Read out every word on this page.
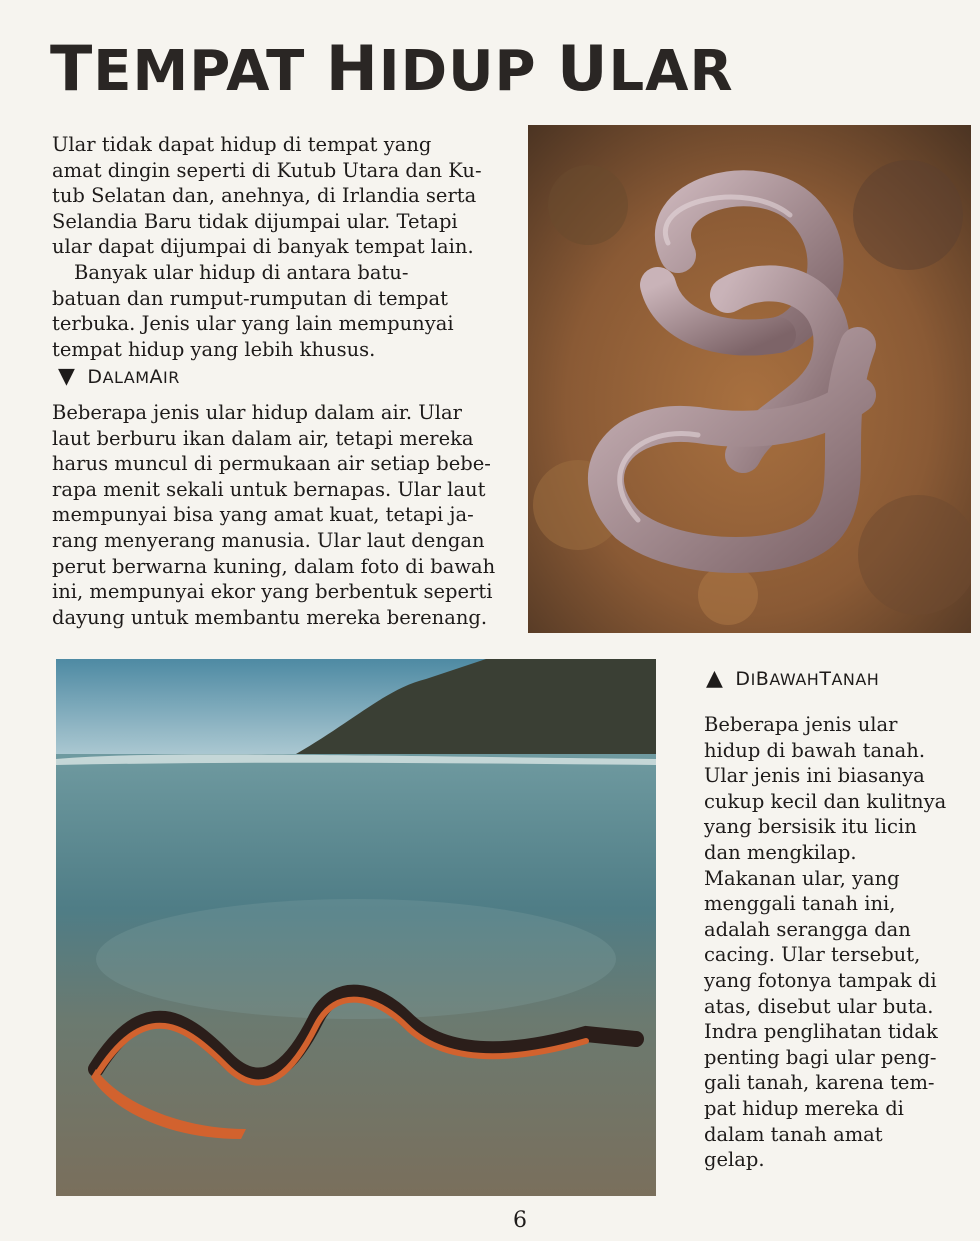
TEMPAT HIDUP ULAR
Ular tidak dapat hidup di tempat yang
amat dingin seperti di Kutub Utara dan Ku-
tub Selatan dan, anehnya, di Irlandia serta
Selandia Baru tidak dijumpai ular. Tetapi
ular dapat dijumpai di banyak tempat lain.
Banyak ular hidup di antara batu-
batuan dan rumput-rumputan di tempat
terbuka. Jenis ular yang lain mempunyai
tempat hidup yang lebih khusus.
▼ D ALAM A IR
Beberapa jenis ular hidup dalam air. Ular
laut berburu ikan dalam air, tetapi mereka
harus muncul di permukaan air setiap bebe-
rapa menit sekali untuk bernapas. Ular laut
mempunyai bisa yang amat kuat, tetapi ja-
rang menyerang manusia. Ular laut dengan
perut berwarna kuning, dalam foto di bawah
ini, mempunyai ekor yang berbentuk seperti
dayung untuk membantu mereka berenang.
▲ D I B AWAH T ANAH
Beberapa jenis ular
hidup di bawah tanah.
Ular jenis ini biasanya
cukup kecil dan kulitnya
yang bersisik itu licin
dan mengkilap.
Makanan ular, yang
menggali tanah ini,
adalah serangga dan
cacing. Ular tersebut,
yang fotonya tampak di
atas, disebut ular buta.
Indra penglihatan tidak
penting bagi ular peng-
gali tanah, karena tem-
pat hidup mereka di
dalam tanah amat
gelap.
6
